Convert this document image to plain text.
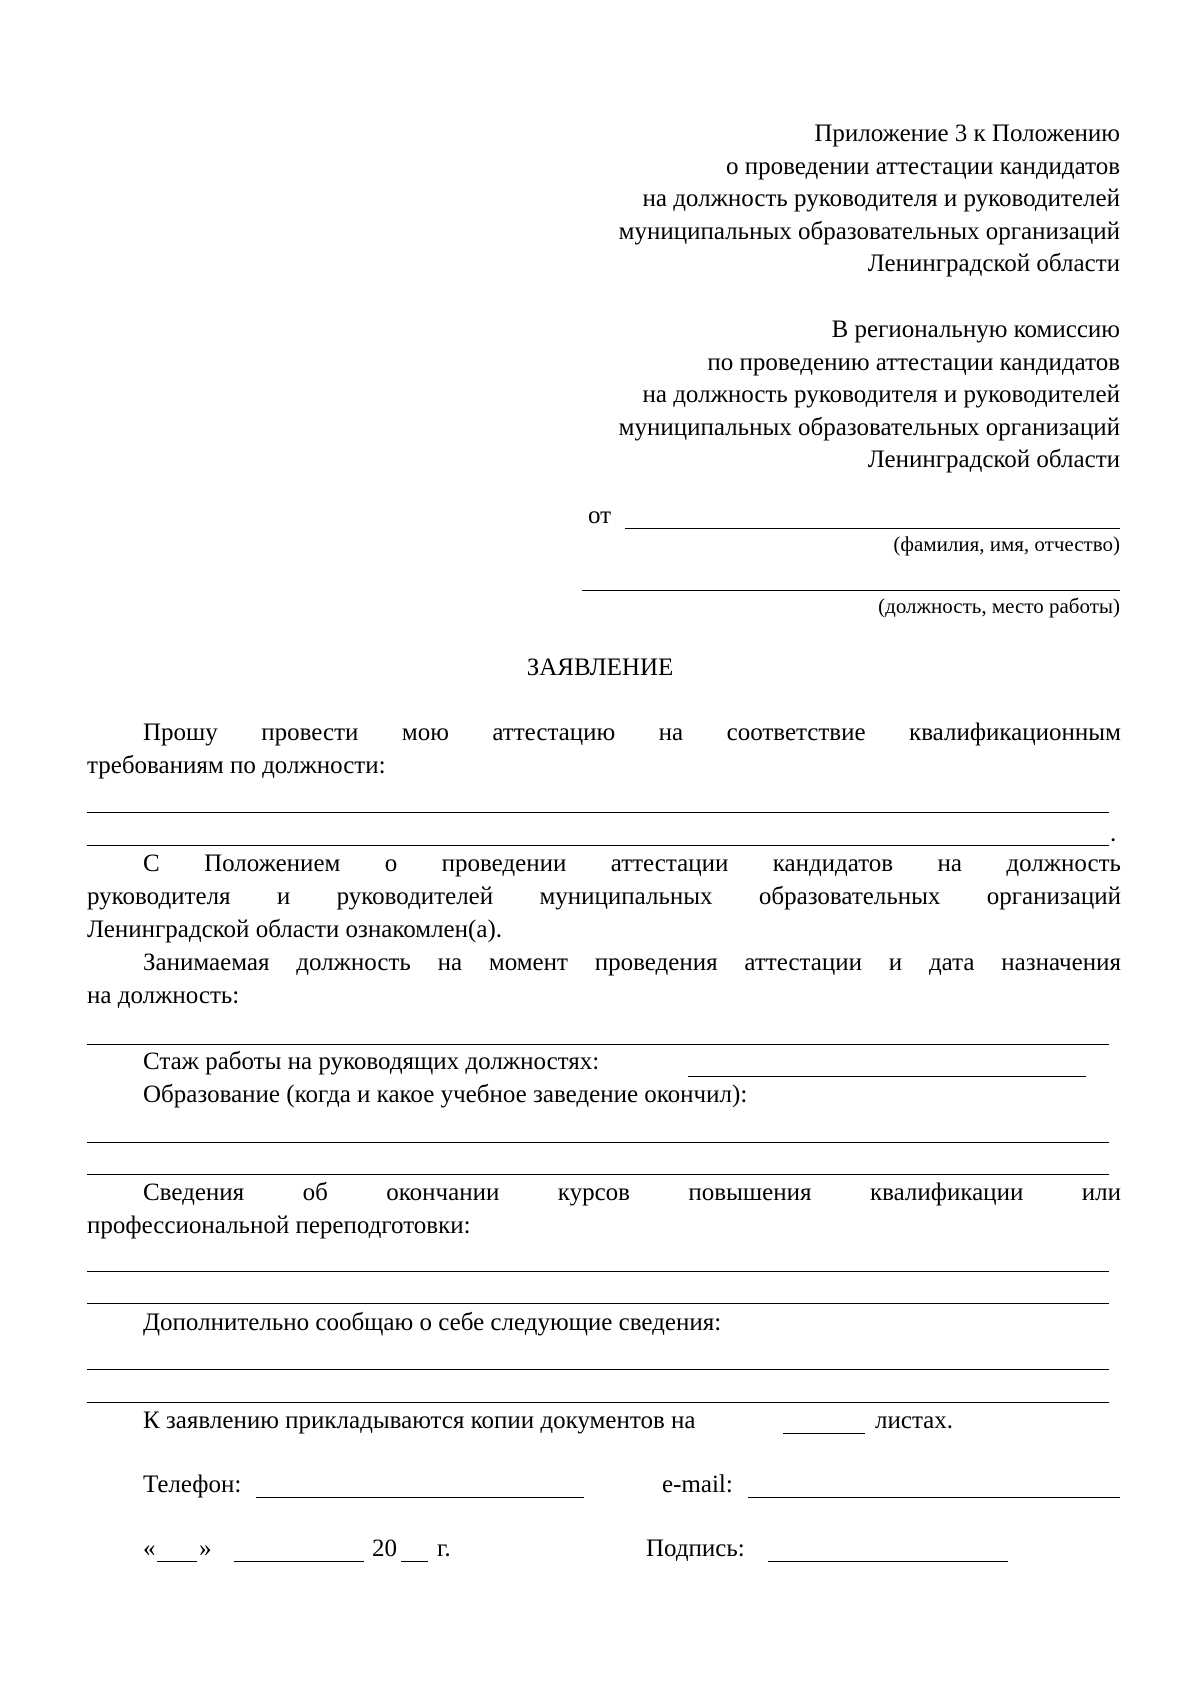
Приложение 3 к Положению
о проведении аттестации кандидатов
на должность руководителя и руководителей
муниципальных образовательных организаций
Ленинградской области
В региональную комиссию
по проведению аттестации кандидатов
на должность руководителя и руководителей
муниципальных образовательных организаций
Ленинградской области
от
(фамилия, имя, отчество)
(должность, место работы)
ЗАЯВЛЕНИЕ
Прошу провести мою аттестацию на соответствие квалификационным
требованиям по должности:
.
С Положением о проведении аттестации кандидатов на должность
руководителя и руководителей муниципальных образовательных организаций
Ленинградской области ознакомлен(а).
Занимаемая должность на момент проведения аттестации и дата назначения
на должность:
Стаж работы на руководящих должностях:
Образование (когда и какое учебное заведение окончил):
Сведения об окончании курсов повышения квалификации или
профессиональной переподготовки:
Дополнительно сообщаю о себе следующие сведения:
К заявлению прикладываются копии документов на	листах.
Телефон:	e-mail:
« »	20 г.	Подпись:
